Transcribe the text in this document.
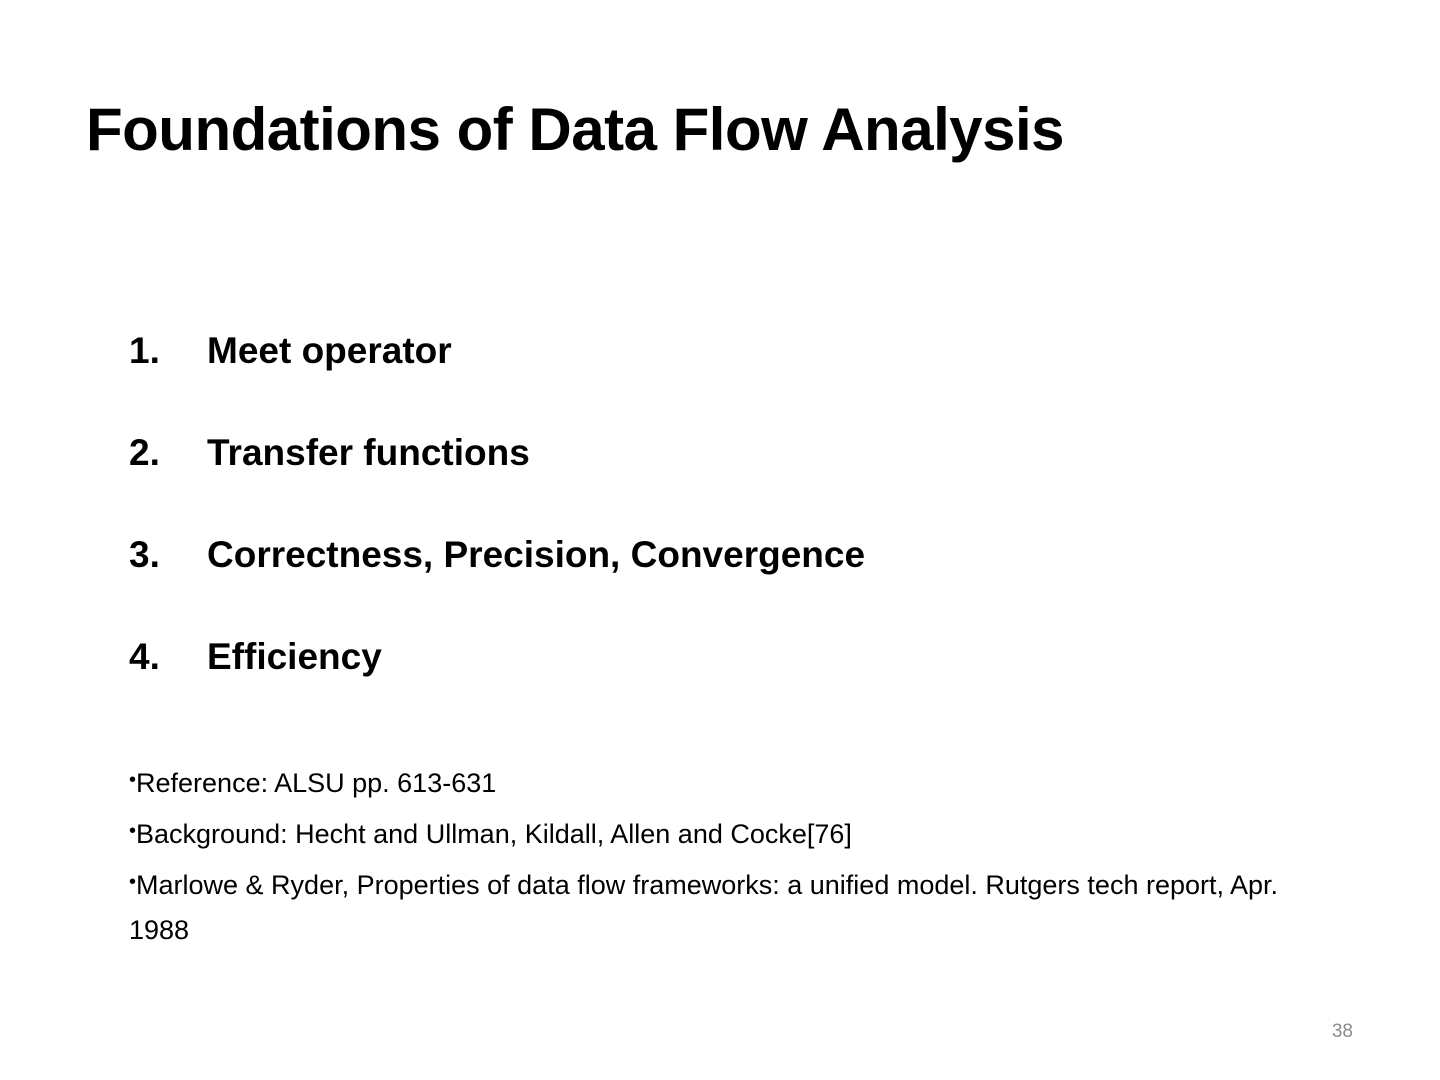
Foundations of Data Flow Analysis
1. Meet operator
2. Transfer functions
3. Correctness, Precision, Convergence
4. Efficiency
•Reference: ALSU pp. 613-631
•Background: Hecht and Ullman, Kildall, Allen and Cocke[76]
•Marlowe & Ryder, Properties of data flow frameworks: a unified model. Rutgers tech report, Apr. 1988
38
